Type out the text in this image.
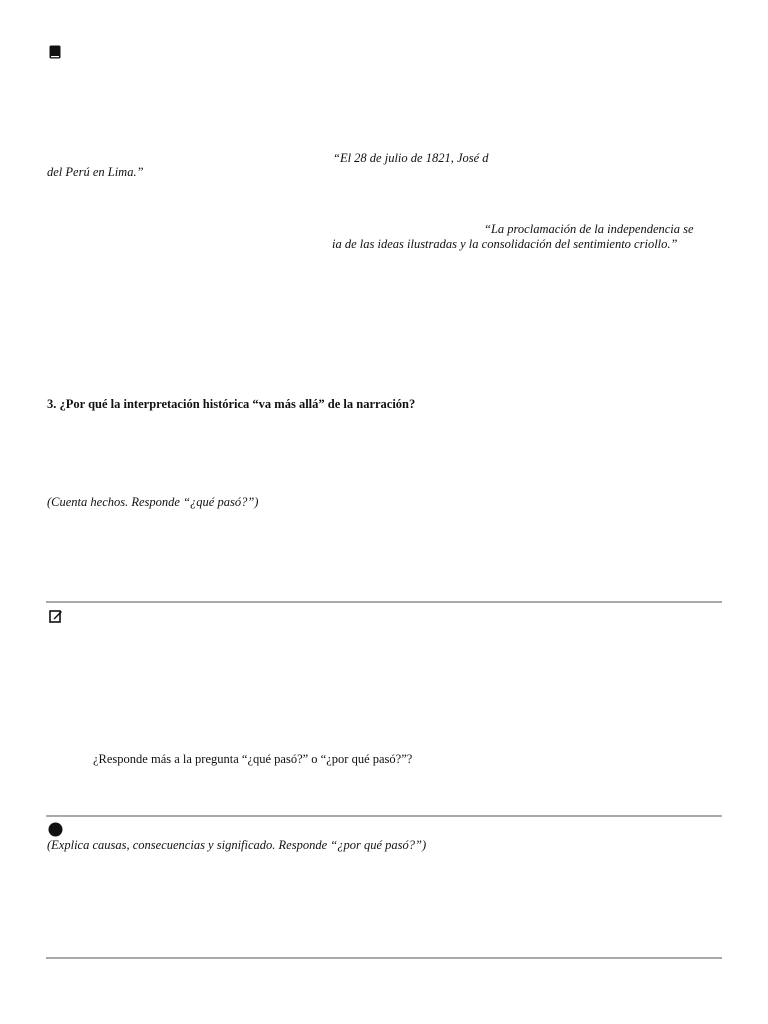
“El 28 de julio de 1821, José d
del Perú en Lima.”
“La proclamación de la independencia se
ia de las ideas ilustradas y la consolidación del sentimiento criollo.”
3. ¿Por qué la interpretación histórica “va más allá” de la narración?
(Cuenta hechos. Responde “¿qué pasó?”)
¿Responde más a la pregunta “¿qué pasó?” o “¿por qué pasó?”?
(Explica causas, consecuencias y significado. Responde “¿por qué pasó?”)
